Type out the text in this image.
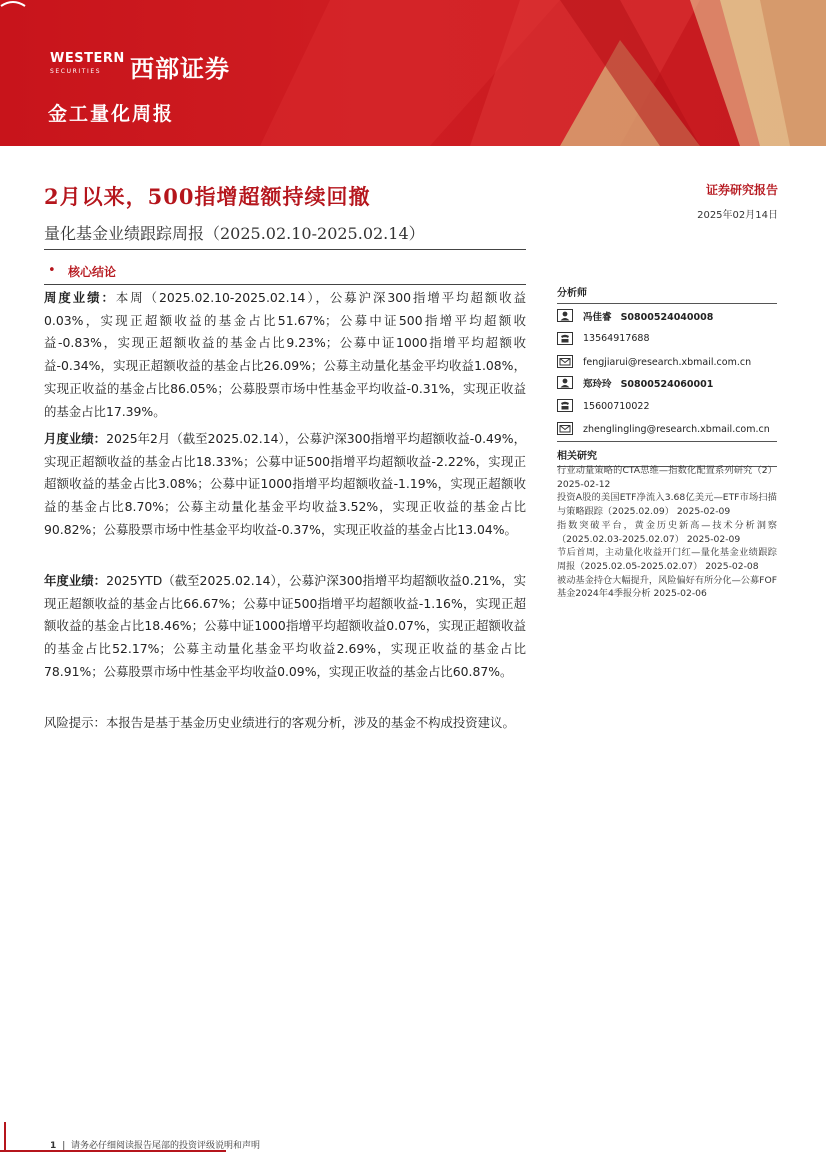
WESTERN
SECURITIES	西部证券
金工量化周报
2月以来，500指增超额持续回撤
量化基金业绩跟踪周报（2025.02.10-2025.02.14）
证券研究报告
2025年02月14日
• 核心结论
周度业绩：本周（2025.02.10-2025.02.14），公募沪深300指增平均超额收益0.03%，实现正超额收益的基金占比51.67%；公募中证500指增平均超额收益-0.83%，实现正超额收益的基金占比9.23%；公募中证1000指增平均超额收益-0.34%，实现正超额收益的基金占比26.09%；公募主动量化基金平均收益1.08%，实现正收益的基金占比86.05%；公募股票市场中性基金平均收益-0.31%，实现正收益的基金占比17.39%。
月度业绩：2025年2月（截至2025.02.14），公募沪深300指增平均超额收益-0.49%，实现正超额收益的基金占比18.33%；公募中证500指增平均超额收益-2.22%，实现正超额收益的基金占比3.08%；公募中证1000指增平均超额收益-1.19%，实现正超额收益的基金占比8.70%；公募主动量化基金平均收益3.52%，实现正收益的基金占比90.82%；公募股票市场中性基金平均收益-0.37%，实现正收益的基金占比13.04%。
年度业绩：2025YTD（截至2025.02.14），公募沪深300指增平均超额收益0.21%，实现正超额收益的基金占比66.67%；公募中证500指增平均超额收益-1.16%，实现正超额收益的基金占比18.46%；公募中证1000指增平均超额收益0.07%，实现正超额收益的基金占比52.17%；公募主动量化基金平均收益2.69%，实现正收益的基金占比78.91%；公募股票市场中性基金平均收益0.09%，实现正收益的基金占比60.87%。
风险提示：本报告是基于基金历史业绩进行的客观分析，涉及的基金不构成投资建议。
分析师
冯佳睿 S0800524040008
13564917688
fengjiarui@research.xbmail.com.cn
郑玲玲 S0800524060001
15600710022
zhenglingling@research.xbmail.com.cn
相关研究
行业动量策略的CTA思维—指数化配置系列研究（2） 2025-02-12
投资A股的美国ETF净流入3.68亿美元—ETF市场扫描与策略跟踪（2025.02.09） 2025-02-09
指数突破平台，黄金历史新高—技术分析洞察（2025.02.03-2025.02.07） 2025-02-09
节后首周，主动量化收益开门红—量化基金业绩跟踪周报（2025.02.05-2025.02.07） 2025-02-08
被动基金持仓大幅提升，风险偏好有所分化—公募FOF基金2024年4季报分析 2025-02-06
1 |  请务必仔细阅读报告尾部的投资评级说明和声明
